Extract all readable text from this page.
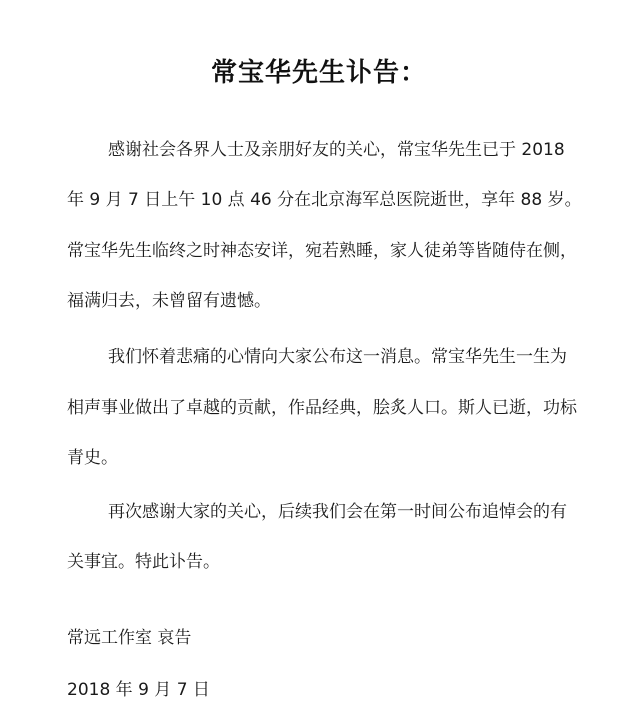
常宝华先生讣告：
感谢社会各界人士及亲朋好友的关心，常宝华先生已于 2018
年 9 月 7 日上午 10 点 46 分在北京海军总医院逝世，享年 88 岁。
常宝华先生临终之时神态安详，宛若熟睡，家人徒弟等皆随侍在侧，
福满归去，未曾留有遗憾。
我们怀着悲痛的心情向大家公布这一消息。常宝华先生一生为
相声事业做出了卓越的贡献，作品经典，脍炙人口。斯人已逝，功标
青史。
再次感谢大家的关心，后续我们会在第一时间公布追悼会的有
关事宜。特此讣告。
常远工作室 哀告
2018 年 9 月 7 日
